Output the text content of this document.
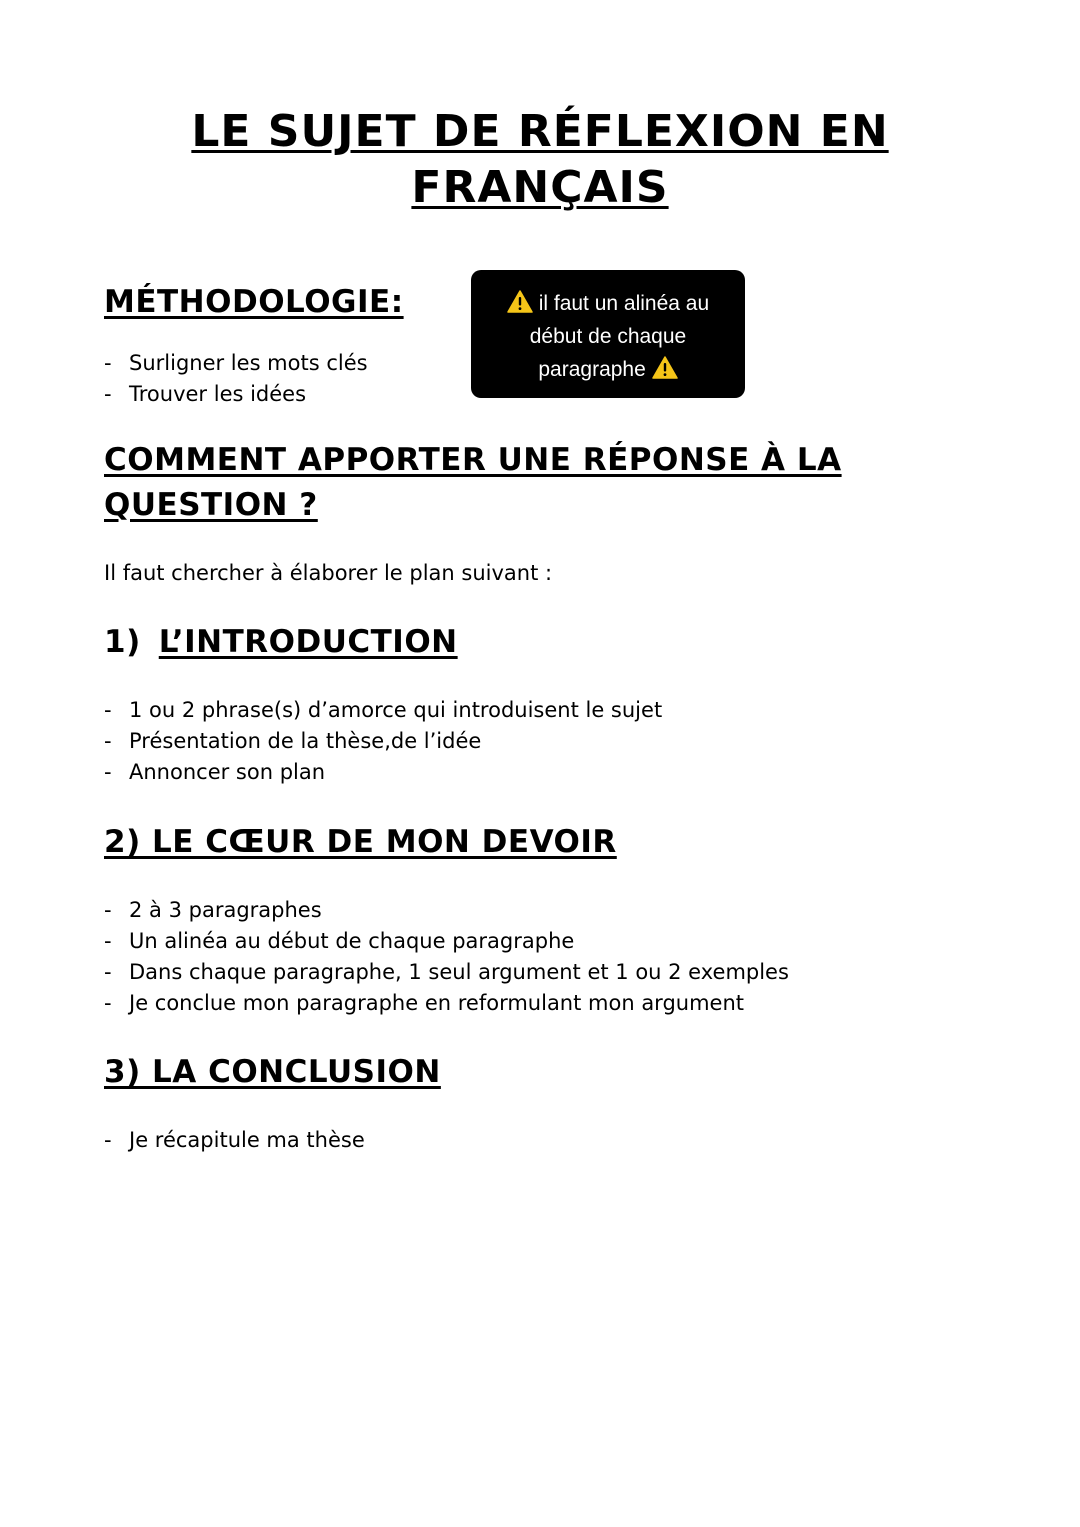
LE SUJET DE RÉFLEXION EN
FRANÇAIS
MÉTHODOLOGIE:
- Surligner les mots clés
- Trouver les idées
il faut un alinéa au
début de chaque
paragraphe
COMMENT APPORTER UNE RÉPONSE À LA
QUESTION ?
Il faut chercher à élaborer le plan suivant :
1) L’INTRODUCTION
- 1 ou 2 phrase(s) d’amorce qui introduisent le sujet
- Présentation de la thèse,de l’idée
- Annoncer son plan
2) LE CŒUR DE MON DEVOIR
- 2 à 3 paragraphes
- Un alinéa au début de chaque paragraphe
- Dans chaque paragraphe, 1 seul argument et 1 ou 2 exemples
- Je conclue mon paragraphe en reformulant mon argument
3) LA CONCLUSION
- Je récapitule ma thèse
